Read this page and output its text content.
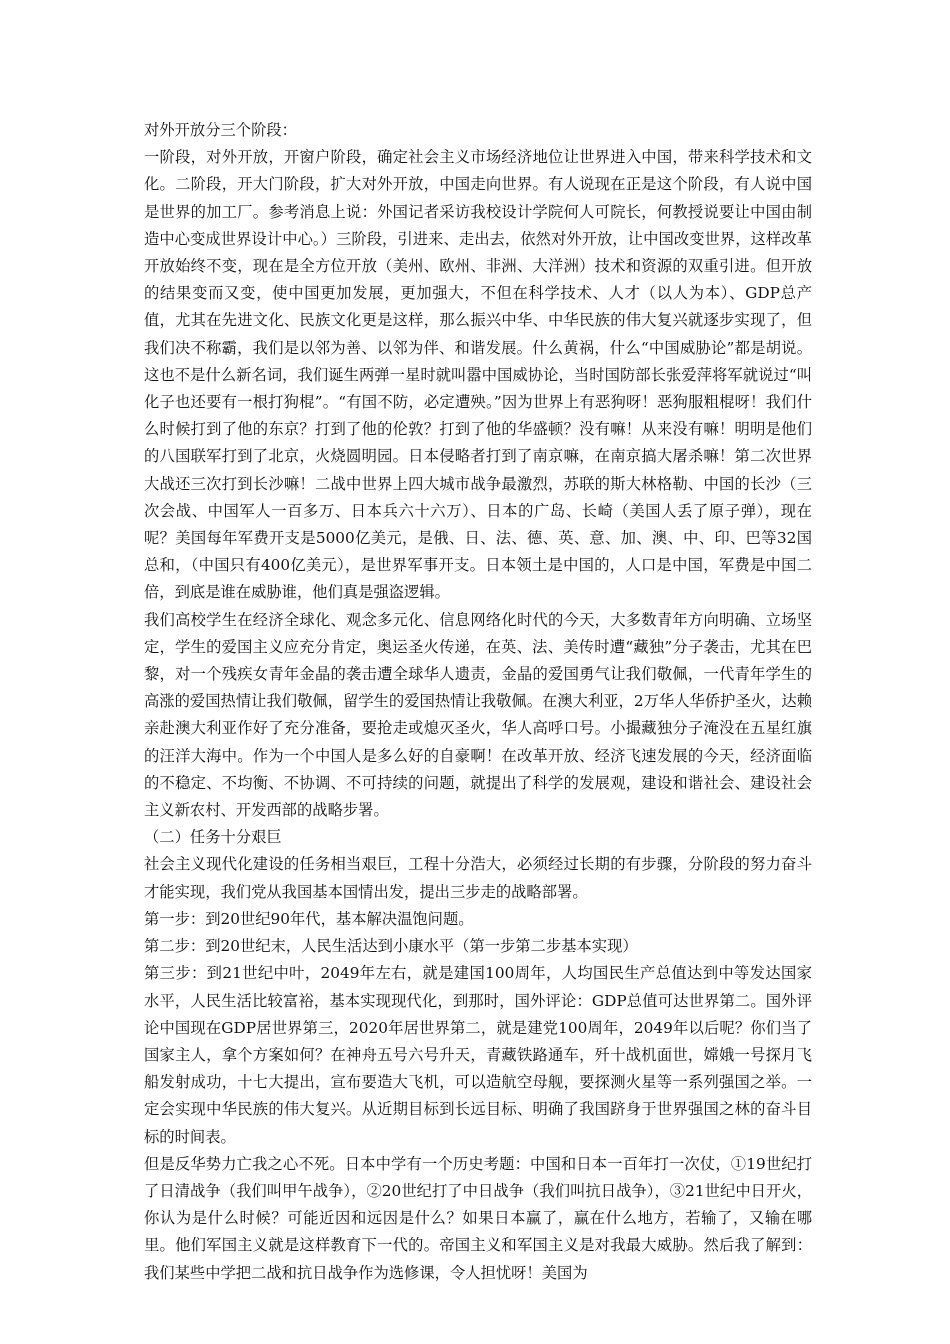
对外开放分三个阶段：

一阶段，对外开放，开窗户阶段，确定社会主义市场经济地位让世界进入中国，带来科学技术和文化。二阶段，开大门阶段，扩大对外开放，中国走向世界。有人说现在正是这个阶段，有人说中国是世界的加工厂。参考消息上说：外国记者采访我校设计学院何人可院长，何教授说要让中国由制造中心变成世界设计中心。）三阶段，引进来、走出去，依然对外开放，让中国改变世界，这样改革开放始终不变，现在是全方位开放（美州、欧州、非洲、大洋洲）技术和资源的双重引进。但开放的结果变而又变，使中国更加发展，更加强大，不但在科学技术、人才（以人为本）、GDP总产值，尤其在先进文化、民族文化更是这样，那么振兴中华、中华民族的伟大复兴就逐步实现了，但我们决不称霸，我们是以邻为善、以邻为伴、和谐发展。什么黄祸，什么“中国威胁论”都是胡说。这也不是什么新名词，我们诞生两弹一星时就叫嚣中国威协论，当时国防部长张爱萍将军就说过“叫化子也还要有一根打狗棍”。“有国不防，必定遭殃。”因为世界上有恶狗呀！恶狗服粗棍呀！我们什么时候打到了他的东京？打到了他的伦敦？打到了他的华盛顿？没有嘛！从来没有嘛！明明是他们的八国联军打到了北京，火烧圆明园。日本侵略者打到了南京嘛，在南京搞大屠杀嘛！第二次世界大战还三次打到长沙嘛！二战中世界上四大城市战争最激烈，苏联的斯大林格勒、中国的长沙（三次会战、中国军人一百多万、日本兵六十六万）、日本的广岛、长崎（美国人丢了原子弹），现在呢？美国每年军费开支是5000亿美元，是俄、日、法、德、英、意、加、澳、中、印、巴等32国总和，（中国只有400亿美元），是世界军事开支。日本领土是中国的，人口是中国，军费是中国二倍，到底是谁在威胁谁，他们真是强盗逻辑。

我们高校学生在经济全球化、观念多元化、信息网络化时代的今天，大多数青年方向明确、立场坚定，学生的爱国主义应充分肯定，奥运圣火传递，在英、法、美传时遭“藏独”分子袭击，尤其在巴黎，对一个残疾女青年金晶的袭击遭全球华人遗责，金晶的爱国勇气让我们敬佩，一代青年学生的高涨的爱国热情让我们敬佩，留学生的爱国热情让我敬佩。在澳大利亚，2万华人华侨护圣火，达赖亲赴澳大利亚作好了充分准备，要抢走或熄灭圣火，华人高呼口号。小撮藏独分子淹没在五星红旗的汪洋大海中。作为一个中国人是多么好的自豪啊！在改革开放、经济飞速发展的今天，经济面临的不稳定、不均衡、不协调、不可持续的问题，就提出了科学的发展观，建设和谐社会、建设社会主义新农村、开发西部的战略步署。

（二）任务十分艰巨

社会主义现代化建设的任务相当艰巨，工程十分浩大，必须经过长期的有步骤，分阶段的努力奋斗才能实现，我们党从我国基本国情出发，提出三步走的战略部署。

第一步：到20世纪90年代，基本解决温饱问题。

第二步：到20世纪末，人民生活达到小康水平（第一步第二步基本实现）

第三步：到21世纪中叶，2049年左右，就是建国100周年，人均国民生产总值达到中等发达国家水平，人民生活比较富裕，基本实现现代化，到那时，国外评论：GDP总值可达世界第二。国外评论中国现在GDP居世界第三，2020年居世界第二，就是建党100周年，2049年以后呢？你们当了国家主人，拿个方案如何？在神舟五号六号升天，青藏铁路通车，歼十战机面世，嫦娥一号探月飞船发射成功，十七大提出，宣布要造大飞机，可以造航空母舰，要探测火星等一系列强国之举。一定会实现中华民族的伟大复兴。从近期目标到长远目标、明确了我国跻身于世界强国之林的奋斗目标的时间表。

但是反华势力亡我之心不死。日本中学有一个历史考题：中国和日本一百年打一次仗，①19世纪打了日清战争（我们叫甲午战争），②20世纪打了中日战争（我们叫抗日战争），③21世纪中日开火，你认为是什么时候？可能近因和远因是什么？如果日本赢了，赢在什么地方，若输了，又输在哪里。他们军国主义就是这样教育下一代的。帝国主义和军国主义是对我最大威胁。然后我了解到：我们某些中学把二战和抗日战争作为选修课，令人担忧呀！美国为
